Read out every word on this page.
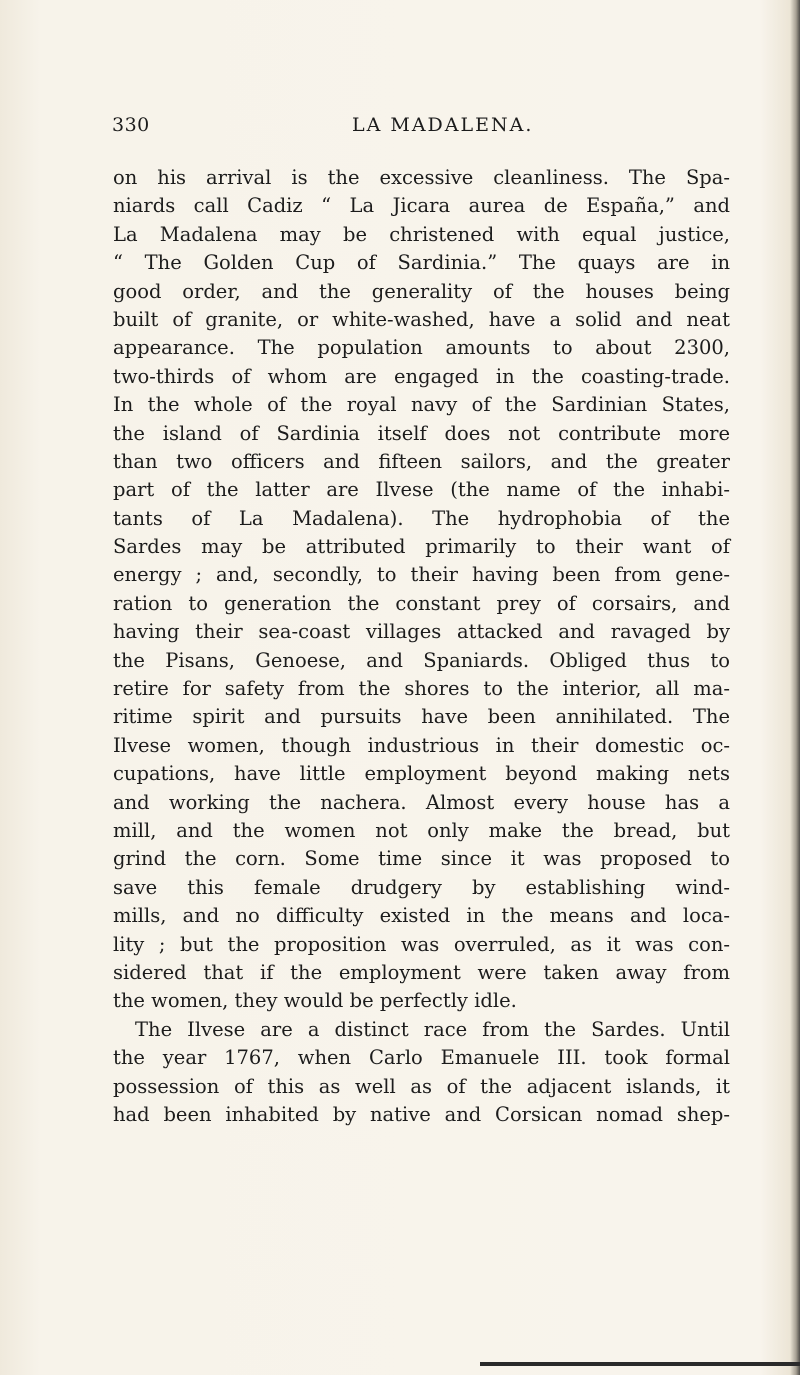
330	LA MADALENA.
on his arrival is the excessive cleanliness. The Spa-
niards call Cadiz “ La Jicara aurea de España,” and
La Madalena may be christened with equal justice,
“ The Golden Cup of Sardinia.” The quays are in
good order, and the generality of the houses being
built of granite, or white-washed, have a solid and neat
appearance. The population amounts to about 2300,
two-thirds of whom are engaged in the coasting-trade.
In the whole of the royal navy of the Sardinian States,
the island of Sardinia itself does not contribute more
than two officers and fifteen sailors, and the greater
part of the latter are Ilvese (the name of the inhabi-
tants of La Madalena). The hydrophobia of the
Sardes may be attributed primarily to their want of
energy ; and, secondly, to their having been from gene-
ration to generation the constant prey of corsairs, and
having their sea-coast villages attacked and ravaged by
the Pisans, Genoese, and Spaniards. Obliged thus to
retire for safety from the shores to the interior, all ma-
ritime spirit and pursuits have been annihilated. The
Ilvese women, though industrious in their domestic oc-
cupations, have little employment beyond making nets
and working the nachera. Almost every house has a
mill, and the women not only make the bread, but
grind the corn. Some time since it was proposed to
save this female drudgery by establishing wind-
mills, and no difficulty existed in the means and loca-
lity ; but the proposition was overruled, as it was con-
sidered that if the employment were taken away from
the women, they would be perfectly idle.
The Ilvese are a distinct race from the Sardes. Until
the year 1767, when Carlo Emanuele III. took formal
possession of this as well as of the adjacent islands, it
had been inhabited by native and Corsican nomad shep-
